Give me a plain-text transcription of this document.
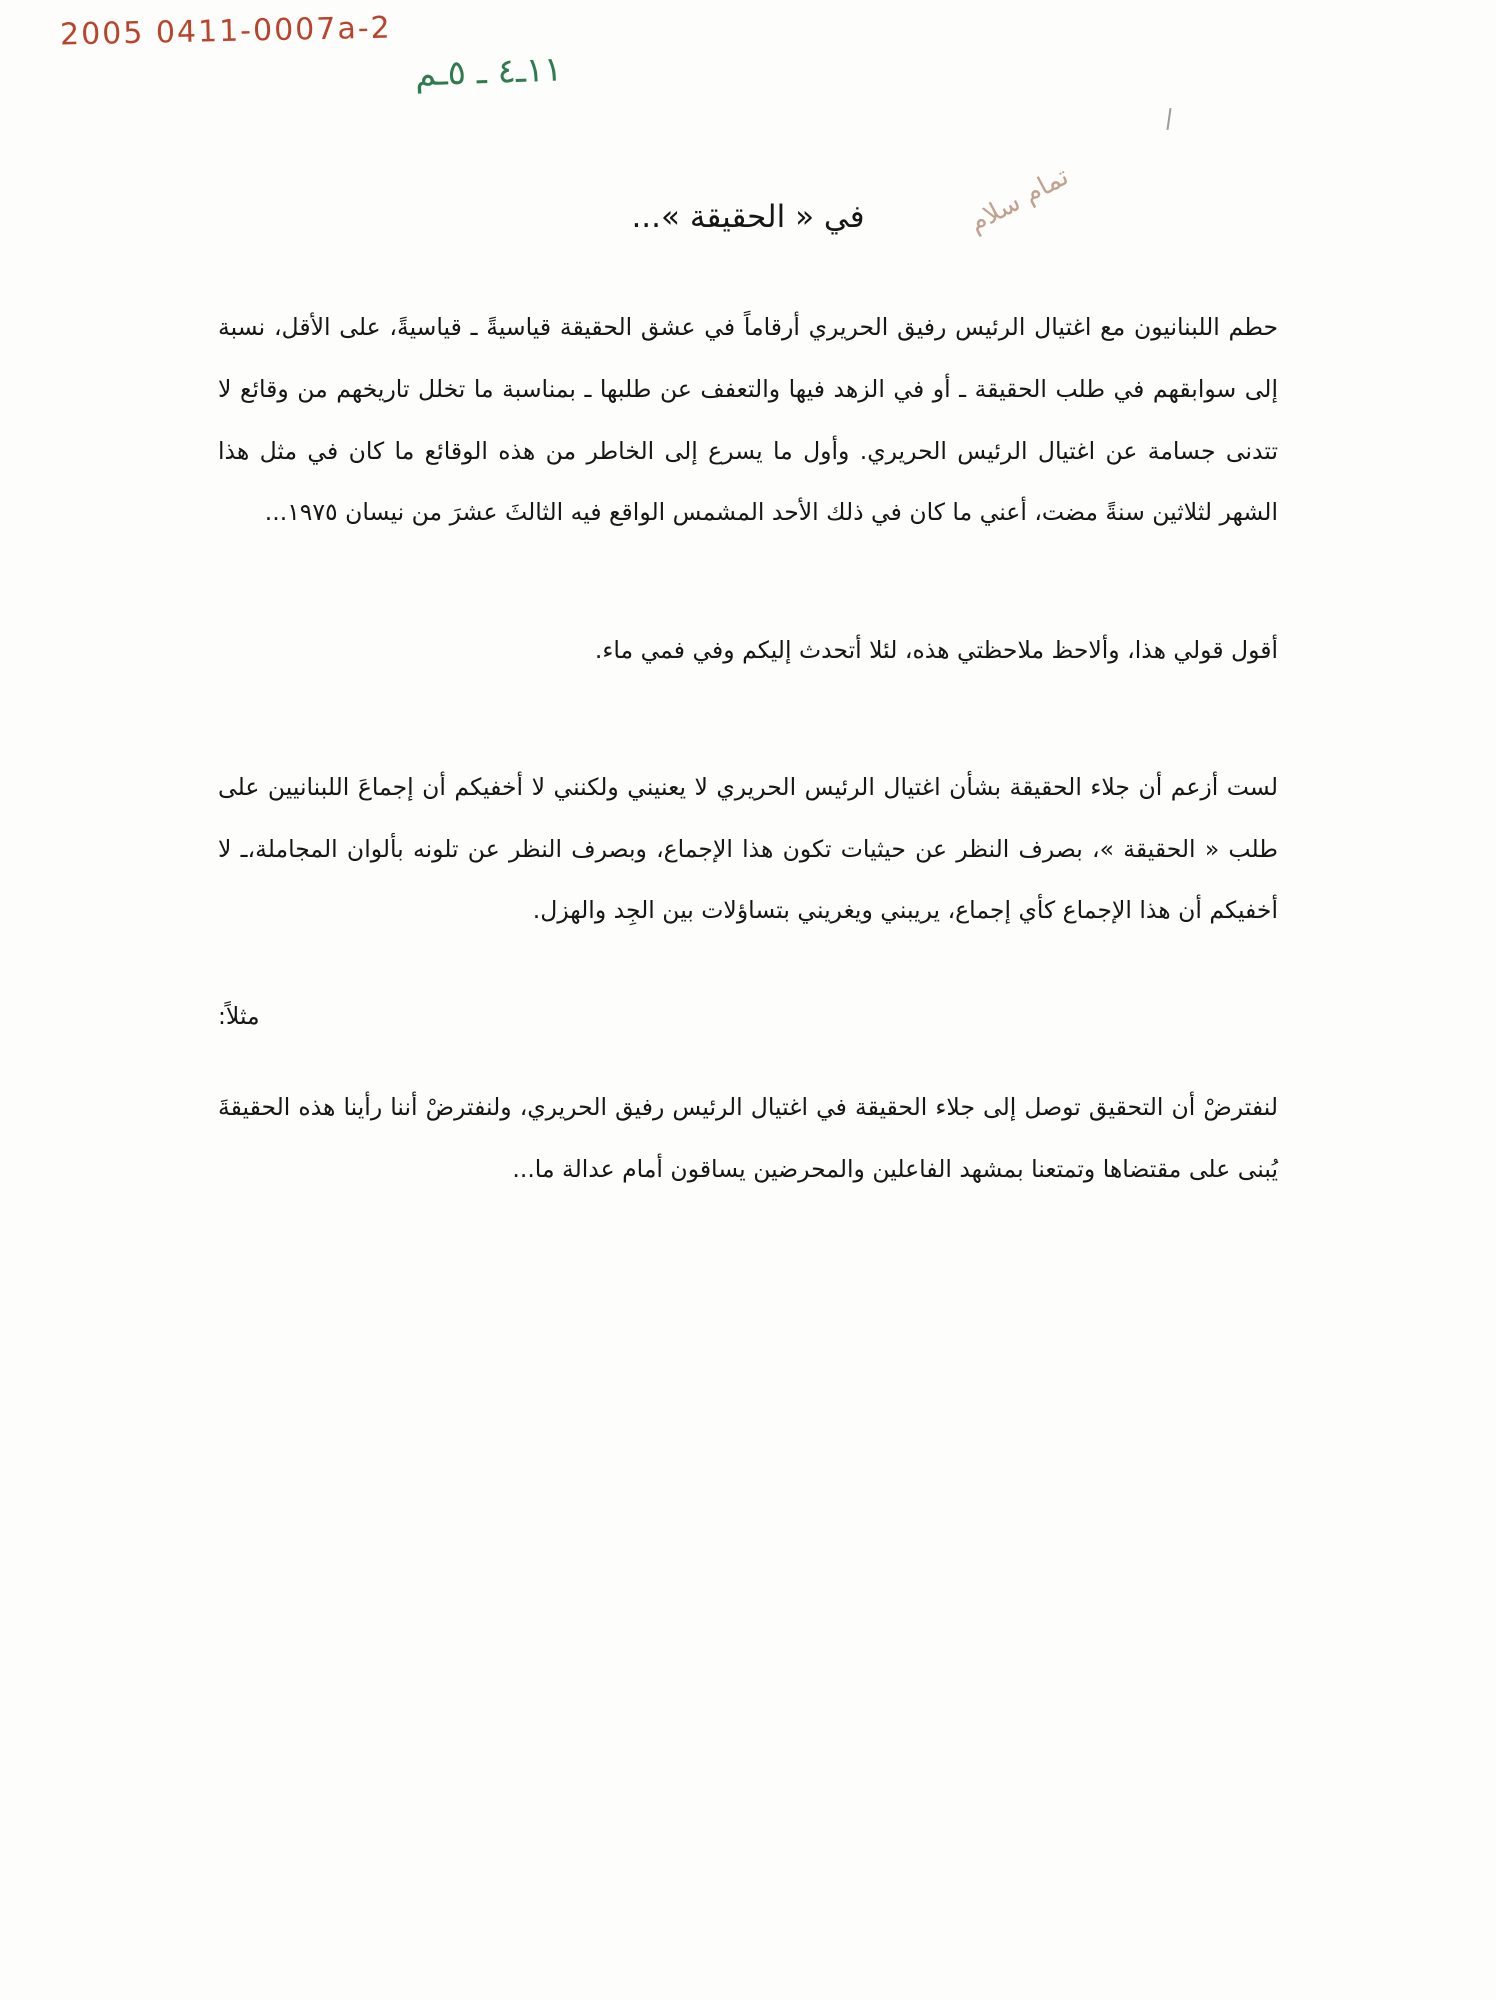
2005 0411-0007a-2
١١ـ٤ ـ ٥ـم
تمام سلام
في «‏ الحقيقة ‏»...

حطم اللبنانيون مع اغتيال الرئيس رفيق الحريري أرقاماً في عشق الحقيقة قياسيةً ـ قياسيةً، على الأقل، نسبة إلى سوابقهم في طلب الحقيقة ـ أو في الزهد فيها والتعفف عن طلبها ـ بمناسبة ما تخلل تاريخهم من وقائع لا تتدنى جسامة عن اغتيال الرئيس الحريري. وأول ما يسرع إلى الخاطر من هذه الوقائع ما كان في مثل هذا الشهر لثلاثين سنةً مضت، أعني ما كان في ذلك الأحد المشمس الواقع فيه الثالثَ عشرَ من نيسان ١٩٧٥...

أقول قولي هذا، وألاحظ ملاحظتي هذه، لئلا أتحدث إليكم وفي فمي ماء.

لست أزعم أن جلاء الحقيقة بشأن اغتيال الرئيس الحريري لا يعنيني ولكنني لا أخفيكم أن إجماعَ اللبنانيين على طلب « الحقيقة »، بصرف النظر عن حيثيات تكون هذا الإجماع، وبصرف النظر عن تلونه بألوان المجاملة،ـ لا أخفيكم أن هذا الإجماع كأي إجماع، يريبني ويغريني بتساؤلات بين الجِد والهزل.

مثلاً:

لنفترضْ أن التحقيق توصل إلى جلاء الحقيقة في اغتيال الرئيس رفيق الحريري، ولنفترضْ أننا رأينا هذه الحقيقةَ يُبنى على مقتضاها وتمتعنا بمشهد الفاعلين والمحرضين يساقون أمام عدالة ما...
